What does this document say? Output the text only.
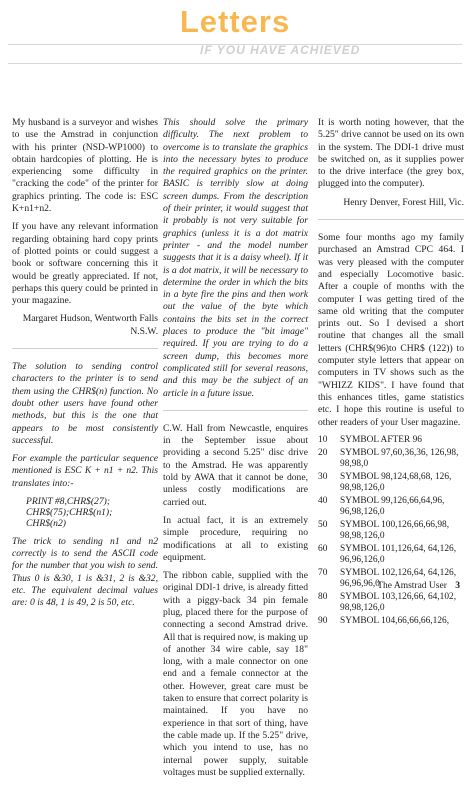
Letters
IF YOU HAVE ACHIEVED

My husband is a surveyor and wishes to use the Amstrad in conjunction with his printer (NSD-WP1000) to obtain hardcopies of plotting. He is experiencing some difficulty in "cracking the code" of the printer for graphics printing. The code is: ESC K+n1+n2.

If you have any relevant information regarding obtaining hard copy prints of plotted points or could suggest a book or software concerning this it would be greatly appreciated. If not, perhaps this query could be printed in your magazine.

Margaret Hudson, Wentworth Falls N.S.W.

The solution to sending control characters to the printer is to send them using the CHR$(n) function. No doubt other users have found other methods, but this is the one that appears to be most consistently successful.

For example the particular sequence mentioned is ESC K + n1 + n2. This translates into:-

PRINT #8,CHR$(27);
CHR$(75);CHR$(n1);
CHR$(n2)

The trick to sending n1 and n2 correctly is to send the ASCII code for the number that you wish to send. Thus 0 is &30, 1 is &31, 2 is &32, etc. The equivalent decimal values are: 0 is 48, 1 is 49, 2 is 50, etc.

This should solve the primary difficulty. The next problem to overcome is to translate the graphics into the necessary bytes to produce the required graphics on the printer. BASIC is terribly slow at doing screen dumps. From the description of their printer, it would suggest that it probably is not very suitable for graphics (unless it is a dot matrix printer - and the model number suggests that it is a daisy wheel). If it is a dot matrix, it will be necessary to determine the order in which the bits in a byte fire the pins and then work out the value of the byte which contains the bits set in the correct places to produce the "bit image" required. If you are trying to do a screen dump, this becomes more complicated still for several reasons, and this may be the subject of an article in a future issue.

C.W. Hall from Newcastle, enquires in the September issue about providing a second 5.25" disc drive to the Amstrad. He was apparently told by AWA that it cannot be done, unless costly modifications are carried out.

In actual fact, it is an extremely simple procedure, requiring no modifications at all to existing equipment.

The ribbon cable, supplied with the original DDI-1 drive, is already fitted with a piggy-back 34 pin female plug, placed there for the purpose of connecting a second Amstrad drive. All that is required now, is making up of another 34 wire cable, say 18" long, with a male connector on one end and a female connector at the other. However, great care must be taken to ensure that correct polarity is maintained. If you have no experience in that sort of thing, have the cable made up. If the 5.25" drive, which you intend to use, has no internal power supply, suitable voltages must be supplied externally.

It is worth noting however, that the 5.25" drive cannot be used on its own in the system. The DDI-1 drive must be switched on, as it supplies power to the drive interface (the grey box, plugged into the computer).

Henry Denver, Forest Hill, Vic.

Some four months ago my family purchased an Amstrad CPC 464. I was very pleased with the computer and especially Locomotive basic. After a couple of months with the computer I was getting tired of the same old writing that the computer prints out. So I devised a short routine that changes all the small letters (CHR$(96)to CHR$ (122)) to computer style letters that appear on computers in TV shows such as the "WHIZZ KIDS". I have found that this enhances titles, game statistics etc. I hope this routine is useful to other readers of your User magazine.

10	SYMBOL AFTER 96
20	SYMBOL 97,60,36,36, 126,98, 98,98,0
30	SYMBOL 98,124,68,68, 126, 98,98,126,0
40	SYMBOL 99,126,66,64,96, 96,98,126,0
50	SYMBOL 100,126,66,66,98, 98,98,126,0
60	SYMBOL 101,126,64, 64,126, 96,96,126,0
70	SYMBOL 102,126,64, 64,126, 96,96,96,0
80	SYMBOL 103,126,66, 64,102, 98,98,126,0
90	SYMBOL 104,66,66,66,126,
The Amstrad User 3
